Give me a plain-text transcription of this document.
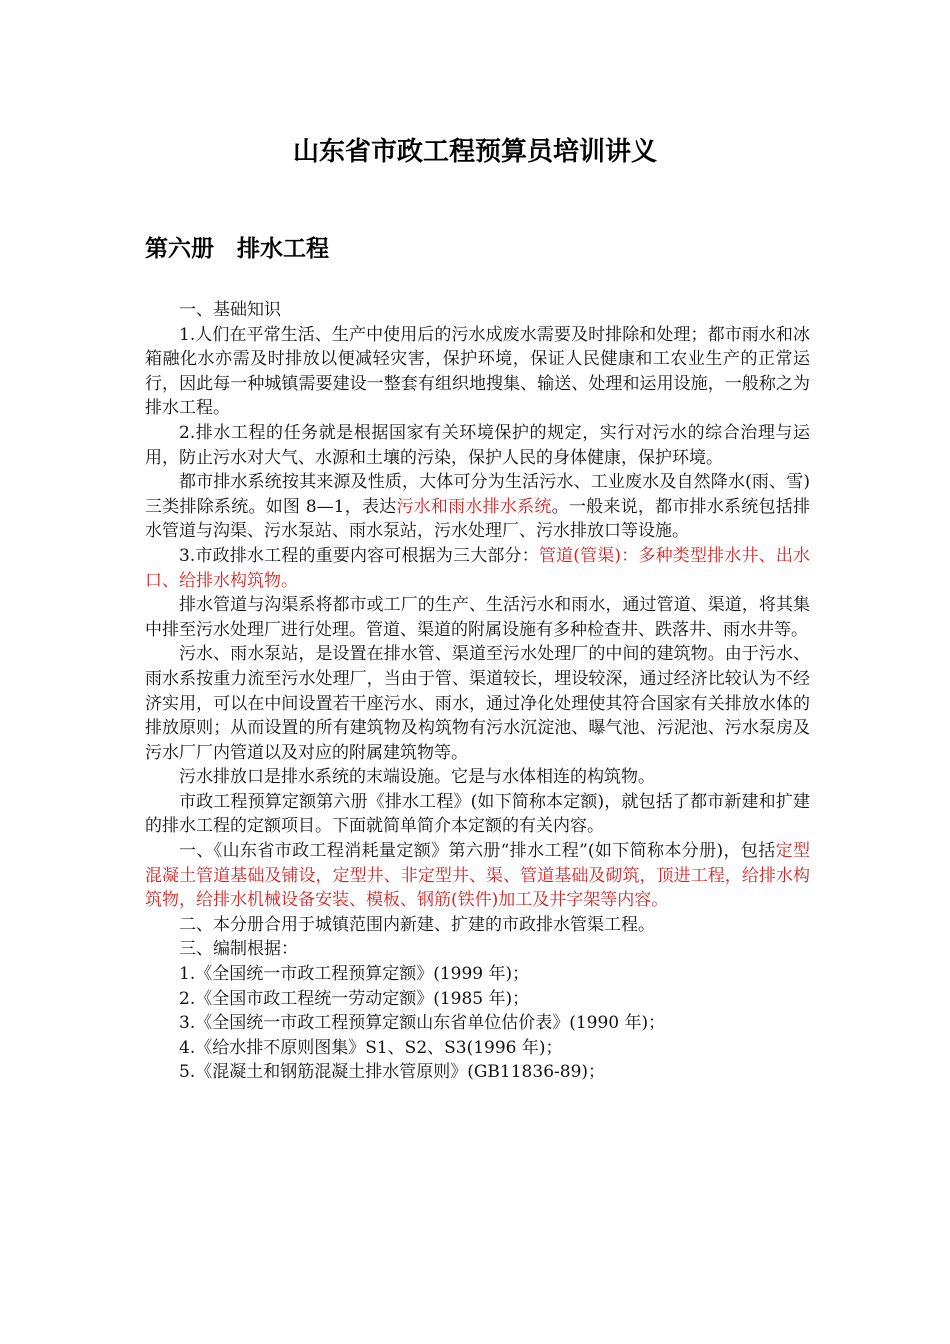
山东省市政工程预算员培训讲义
第六册　排水工程

一、基础知识

1.人们在平常生活、生产中使用后的污水成废水需要及时排除和处理；都市雨水和冰箱融化水亦需及时排放以便减轻灾害，保护环境，保证人民健康和工农业生产的正常运行，因此每一种城镇需要建设一整套有组织地搜集、输送、处理和运用设施，一般称之为排水工程。

2.排水工程的任务就是根据国家有关环境保护的规定，实行对污水的综合治理与运用，防止污水对大气、水源和土壤的污染，保护人民的身体健康，保护环境。

都市排水系统按其来源及性质，大体可分为生活污水、工业废水及自然降水(雨、雪)三类排除系统。如图 8—1，表达污水和雨水排水系统。一般来说，都市排水系统包括排水管道与沟渠、污水泵站、雨水泵站，污水处理厂、污水排放口等设施。

3.市政排水工程的重要内容可根据为三大部分：管道(管渠)：多种类型排水井、出水口、给排水构筑物。

排水管道与沟渠系将都市或工厂的生产、生活污水和雨水，通过管道、渠道，将其集中排至污水处理厂进行处理。管道、渠道的附属设施有多种检查井、跌落井、雨水井等。

污水、雨水泵站，是设置在排水管、渠道至污水处理厂的中间的建筑物。由于污水、雨水系按重力流至污水处理厂，当由于管、渠道较长，埋设较深，通过经济比较认为不经济实用，可以在中间设置若干座污水、雨水，通过净化处理使其符合国家有关排放水体的排放原则；从而设置的所有建筑物及构筑物有污水沉淀池、曝气池、污泥池、污水泵房及污水厂厂内管道以及对应的附属建筑物等。

污水排放口是排水系统的末端设施。它是与水体相连的构筑物。

市政工程预算定额第六册《排水工程》(如下简称本定额)，就包括了都市新建和扩建的排水工程的定额项目。下面就简单简介本定额的有关内容。

一、《山东省市政工程消耗量定额》第六册“排水工程”(如下简称本分册)，包括定型混凝土管道基础及铺设，定型井、非定型井、渠、管道基础及砌筑，顶进工程，给排水构筑物，给排水机械设备安装、模板、钢筋(铁件)加工及井字架等内容。

二、本分册合用于城镇范围内新建、扩建的市政排水管渠工程。

三、编制根据：

1.《全国统一市政工程预算定额》(1999 年)；

2.《全国市政工程统一劳动定额》(1985 年)；

3.《全国统一市政工程预算定额山东省单位估价表》(1990 年)；

4.《给水排不原则图集》S1、S2、S3(1996 年)；

5.《混凝土和钢筋混凝土排水管原则》(GB11836-89)；
